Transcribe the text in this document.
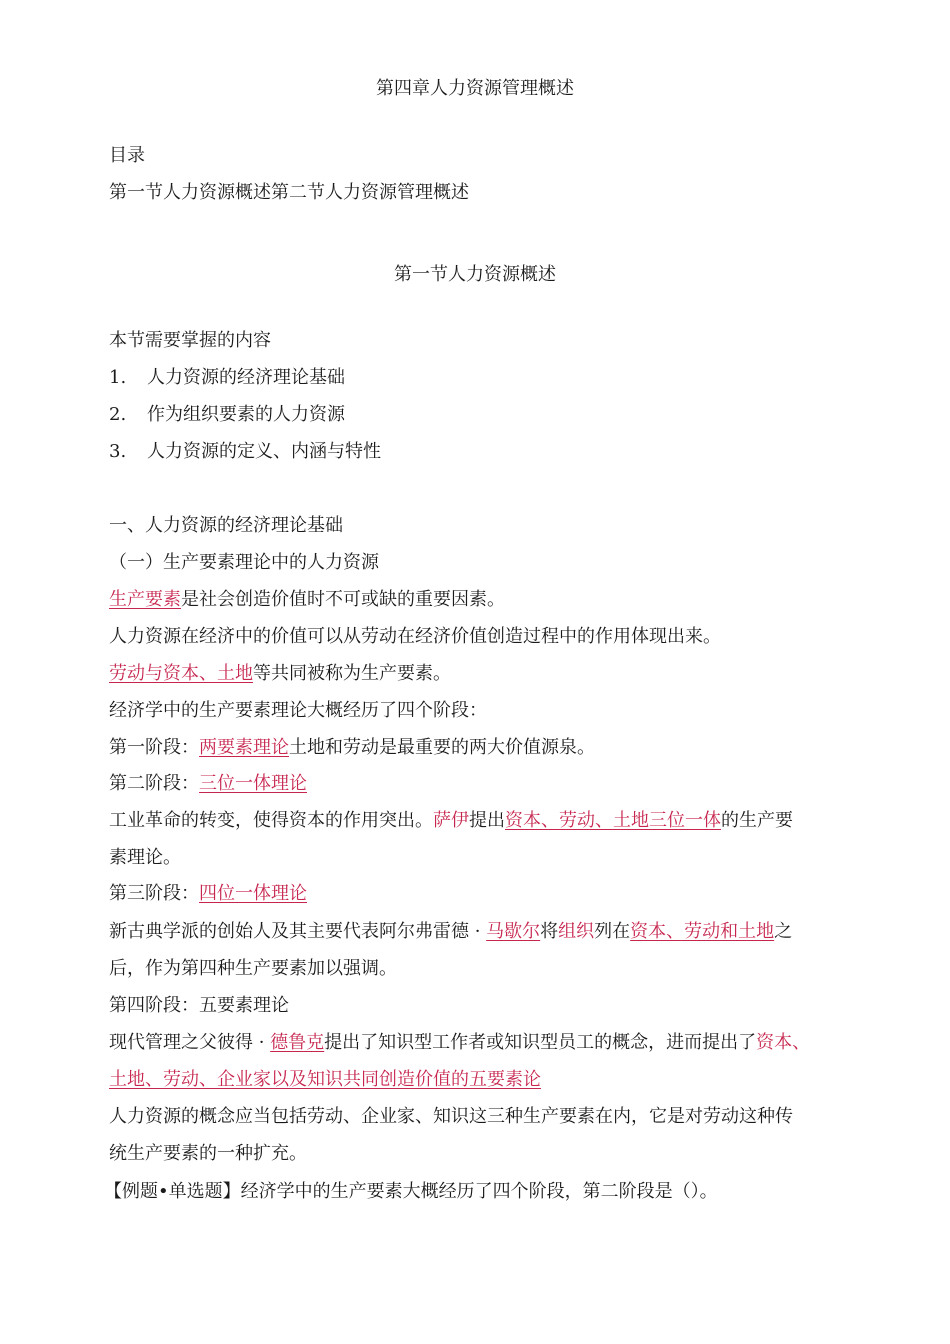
第四章人力资源管理概述
目录
第一节人力资源概述第二节人力资源管理概述
第一节人力资源概述
本节需要掌握的内容
1. 人力资源的经济理论基础
2. 作为组织要素的人力资源
3. 人力资源的定义、内涵与特性
一、人力资源的经济理论基础
（一）生产要素理论中的人力资源
生产要素是社会创造价值时不可或缺的重要因素。
人力资源在经济中的价值可以从劳动在经济价值创造过程中的作用体现出来。
劳动与资本、土地等共同被称为生产要素。
经济学中的生产要素理论大概经历了四个阶段：
第一阶段：两要素理论土地和劳动是最重要的两大价值源泉。
第二阶段：三位一体理论
工业革命的转变，使得资本的作用突出。萨伊提出资本、劳动、土地三位一体的生产要
素理论。
第三阶段：四位一体理论
新古典学派的创始人及其主要代表阿尔弗雷德 · 马歇尔将组织列在资本、劳动和土地之
后，作为第四种生产要素加以强调。
第四阶段：五要素理论
现代管理之父彼得 · 德鲁克提出了知识型工作者或知识型员工的概念，进而提出了资本、
土地、劳动、企业家以及知识共同创造价值的五要素论
人力资源的概念应当包括劳动、企业家、知识这三种生产要素在内，它是对劳动这种传
统生产要素的一种扩充。
【例题•单选题】经济学中的生产要素大概经历了四个阶段，第二阶段是（）。
